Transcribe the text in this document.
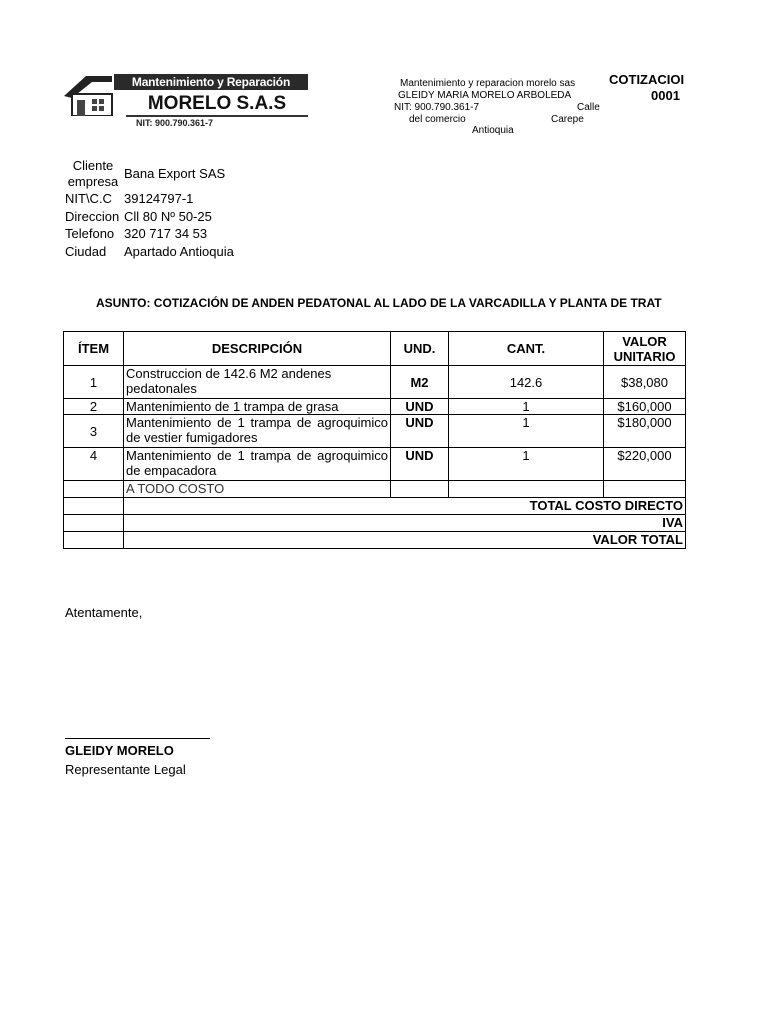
Mantenimiento y Reparación
MORELO S.A.S
NIT: 900.790.361-7
Mantenimiento y reparacion morelo sas
GLEIDY MARIA MORELO ARBOLEDA
NIT: 900.790.361-7	Calle
del comercio	Carepe
Antioquia
COTIZACIOI
0001
Cliente empresa
Bana Export SAS
NIT\C.C 39124797-1
Direccion Cll 80 Nº 50-25
Telefono 320 717 34 53
Ciudad Apartado Antioquia
ASUNTO: COTIZACIÓN DE ANDEN PEDATONAL AL LADO DE LA VARCADILLA Y PLANTA DE TRAT
ÍTEM	DESCRIPCIÓN	UND.	CANT.	VALOR UNITARIO
1	Construccion de 142.6 M2 andenes pedatonales	M2	142.6	$38,080
2	Mantenimiento de 1 trampa de grasa	UND	1	$160,000
3	Mantenimiento de 1 trampa de agroquimico de vestier fumigadores	UND	1	$180,000
4	Mantenimiento de 1 trampa de agroquimico de empacadora	UND	1	$220,000
	A TODO COSTO			
	TOTAL COSTO DIRECTO			
	IVA			
	VALOR TOTAL			
Atentamente,
GLEIDY MORELO
Representante Legal
